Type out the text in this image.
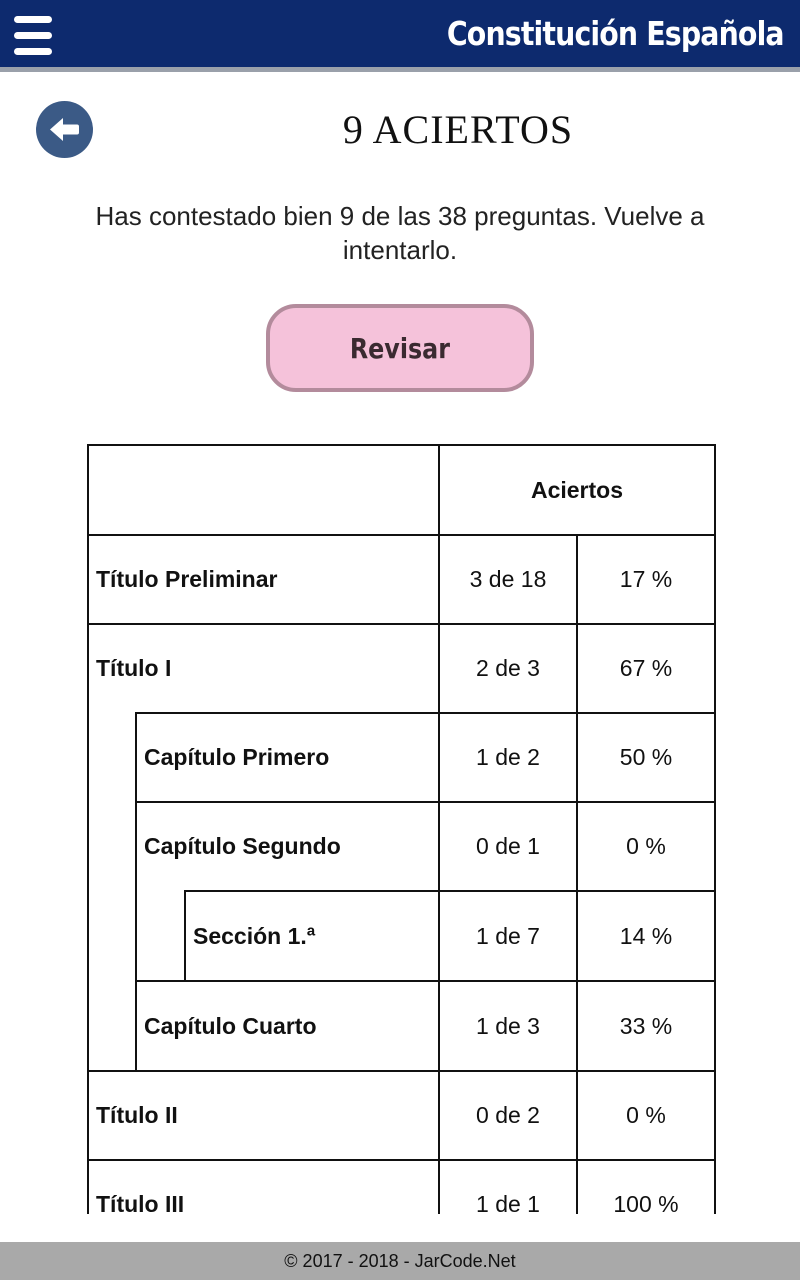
Constitución Española
9 ACIERTOS
Has contestado bien 9 de las 38 preguntas. Vuelve a intentarlo.
Revisar
Aciertos
Título Preliminar	3 de 18	17 %
Título I	2 de 3	67 %
Capítulo Primero	1 de 2	50 %
Capítulo Segundo	0 de 1	0 %
Sección 1.ª	1 de 7	14 %
Capítulo Cuarto	1 de 3	33 %
Título II	0 de 2	0 %
Título III	1 de 1	100 %
© 2017 - 2018 - JarCode.Net
